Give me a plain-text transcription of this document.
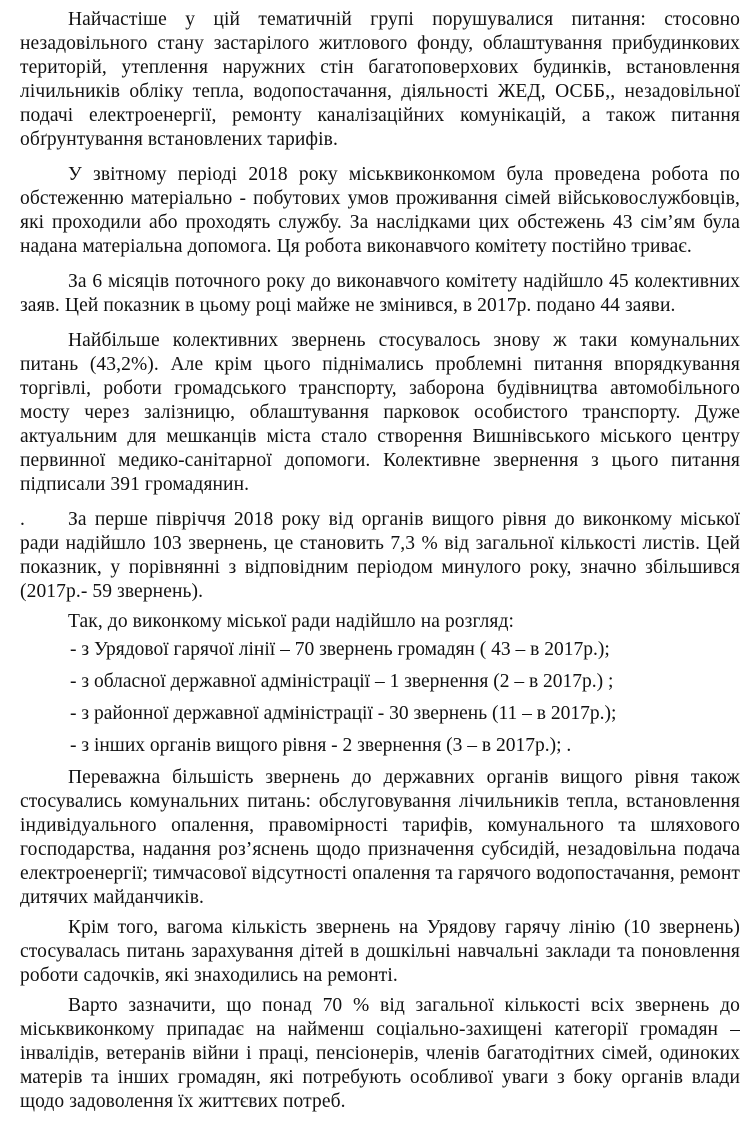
Найчастіше у цій тематичній групі порушувалися питання: стосовно незадовільного стану застарілого житлового фонду, облаштування прибудинкових територій, утеплення наружних стін багатоповерхових будинків, встановлення лічильників обліку тепла, водопостачання, діяльності ЖЕД, ОСББ,, незадовільної подачі електроенергії, ремонту каналізаційних комунікацій, а також питання обґрунтування встановлених тарифів.

У звітному періоді 2018 року міськвиконкомом була проведена робота по обстеженню матеріально - побутових умов проживання сімей військовослужбовців, які проходили або проходять службу. За наслідками цих обстежень 43 сім’ям була надана матеріальна допомога. Ця робота виконавчого комітету постійно триває.

За 6 місяців поточного року до виконавчого комітету надійшло 45 колективних заяв. Цей показник в цьому році майже не змінився, в 2017р. подано 44 заяви.

Найбільше колективних звернень стосувалось знову ж таки комунальних питань (43,2%). Але крім цього піднімались проблемні питання впорядкування торгівлі, роботи громадського транспорту, заборона будівництва автомобільного мосту через залізницю, облаштування парковок особистого транспорту. Дуже актуальним для мешканців міста стало створення Вишнівського міського центру первинної медико-санітарної допомоги. Колективне звернення з цього питання підписали 391 громадянин.

. За перше півріччя 2018 року від органів вищого рівня до виконкому міської ради надійшло 103 звернень, це становить 7,3 % від загальної кількості листів. Цей показник, у порівнянні з відповідним періодом минулого року, значно збільшився (2017р.- 59 звернень).

Так, до виконкому міської ради надійшло на розгляд:

- з Урядової гарячої лінії – 70 звернень громадян ( 43 – в 2017р.);
- з обласної державної адміністрації – 1 звернення (2 – в 2017р.) ;
- з районної державної адміністрації - 30 звернень (11 – в 2017р.);
- з інших органів вищого рівня - 2 звернення (3 – в 2017р.); .

Переважна більшість звернень до державних органів вищого рівня також стосувались комунальних питань: обслуговування лічильників тепла, встановлення індивідуального опалення, правомірності тарифів, комунального та шляхового господарства, надання роз’яснень щодо призначення субсидій, незадовільна подача електроенергії; тимчасової відсутності опалення та гарячого водопостачання, ремонт дитячих майданчиків.

Крім того, вагома кількість звернень на Урядову гарячу лінію (10 звернень) стосувалась питань зарахування дітей в дошкільні навчальні заклади та поновлення роботи садочків, які знаходились на ремонті.

Варто зазначити, що понад 70 % від загальної кількості всіх звернень до міськвиконкому припадає на найменш соціально-захищені категорії громадян – інвалідів, ветеранів війни і праці, пенсіонерів, членів багатодітних сімей, одиноких матерів та інших громадян, які потребують особливої уваги з боку органів влади щодо задоволення їх життєвих потреб.
